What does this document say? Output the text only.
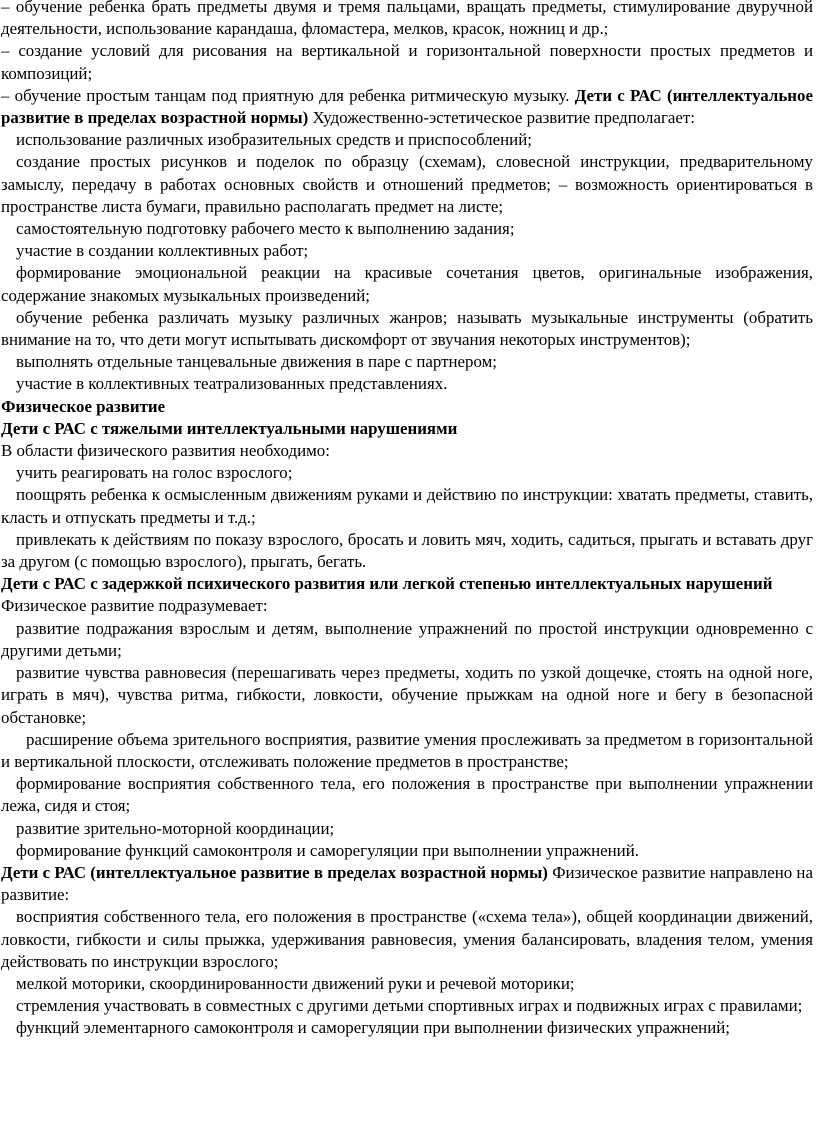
– обучение ребенка брать предметы двумя и тремя пальцами, вращать предметы, стимулирование двуручной деятельности, использование карандаша, фломастера, мелков, красок, ножниц и др.;

– создание условий для рисования на вертикальной и горизонтальной поверхности простых предметов и композиций;

– обучение простым танцам под приятную для ребенка ритмическую музыку. Дети с РАС (интеллектуальное развитие в пределах возрастной нормы) Художественно-эстетическое развитие предполагает:

использование различных изобразительных средств и приспособлений;

создание простых рисунков и поделок по образцу (схемам), словесной инструкции, предварительному замыслу, передачу в работах основных свойств и отношений предметов; – возможность ориентироваться в пространстве листа бумаги, правильно располагать предмет на листе;

самостоятельную подготовку рабочего место к выполнению задания;

участие в создании коллективных работ;

формирование эмоциональной реакции на красивые сочетания цветов, оригинальные изображения, содержание знакомых музыкальных произведений;

обучение ребенка различать музыку различных жанров; называть музыкальные инструменты (обратить внимание на то, что дети могут испытывать дискомфорт от звучания некоторых инструментов);

выполнять отдельные танцевальные движения в паре с партнером;

участие в коллективных театрализованных представлениях.

Физическое развитие

Дети с РАС с тяжелыми интеллектуальными нарушениями

В области физического развития необходимо:

учить реагировать на голос взрослого;

поощрять ребенка к осмысленным движениям руками и действию по инструкции: хватать предметы, ставить, класть и отпускать предметы и т.д.;

привлекать к действиям по показу взрослого, бросать и ловить мяч, ходить, садиться, прыгать и вставать друг за другом (с помощью взрослого), прыгать, бегать.

Дети с РАС с задержкой психического развития или легкой степенью интеллектуальных нарушений

Физическое развитие подразумевает:

развитие подражания взрослым и детям, выполнение упражнений по простой инструкции одновременно с другими детьми;

развитие чувства равновесия (перешагивать через предметы, ходить по узкой дощечке, стоять на одной ноге, играть в мяч), чувства ритма, гибкости, ловкости, обучение прыжкам на одной ноге и бегу в безопасной обстановке;

расширение объема зрительного восприятия, развитие умения прослеживать за предметом в горизонтальной и вертикальной плоскости, отслеживать положение предметов в пространстве;

формирование восприятия собственного тела, его положения в пространстве при выполнении упражнении лежа, сидя и стоя;

развитие зрительно-моторной координации;

формирование функций самоконтроля и саморегуляции при выполнении упражнений.

Дети с РАС (интеллектуальное развитие в пределах возрастной нормы) Физическое развитие направлено на развитие:

восприятия собственного тела, его положения в пространстве («схема тела»), общей координации движений, ловкости, гибкости и силы прыжка, удерживания равновесия, умения балансировать, владения телом, умения действовать по инструкции взрослого;

мелкой моторики, скоординированности движений руки и речевой моторики;

стремления участвовать в совместных с другими детьми спортивных играх и подвижных играх с правилами;

функций элементарного самоконтроля и саморегуляции при выполнении физических упражнений;
